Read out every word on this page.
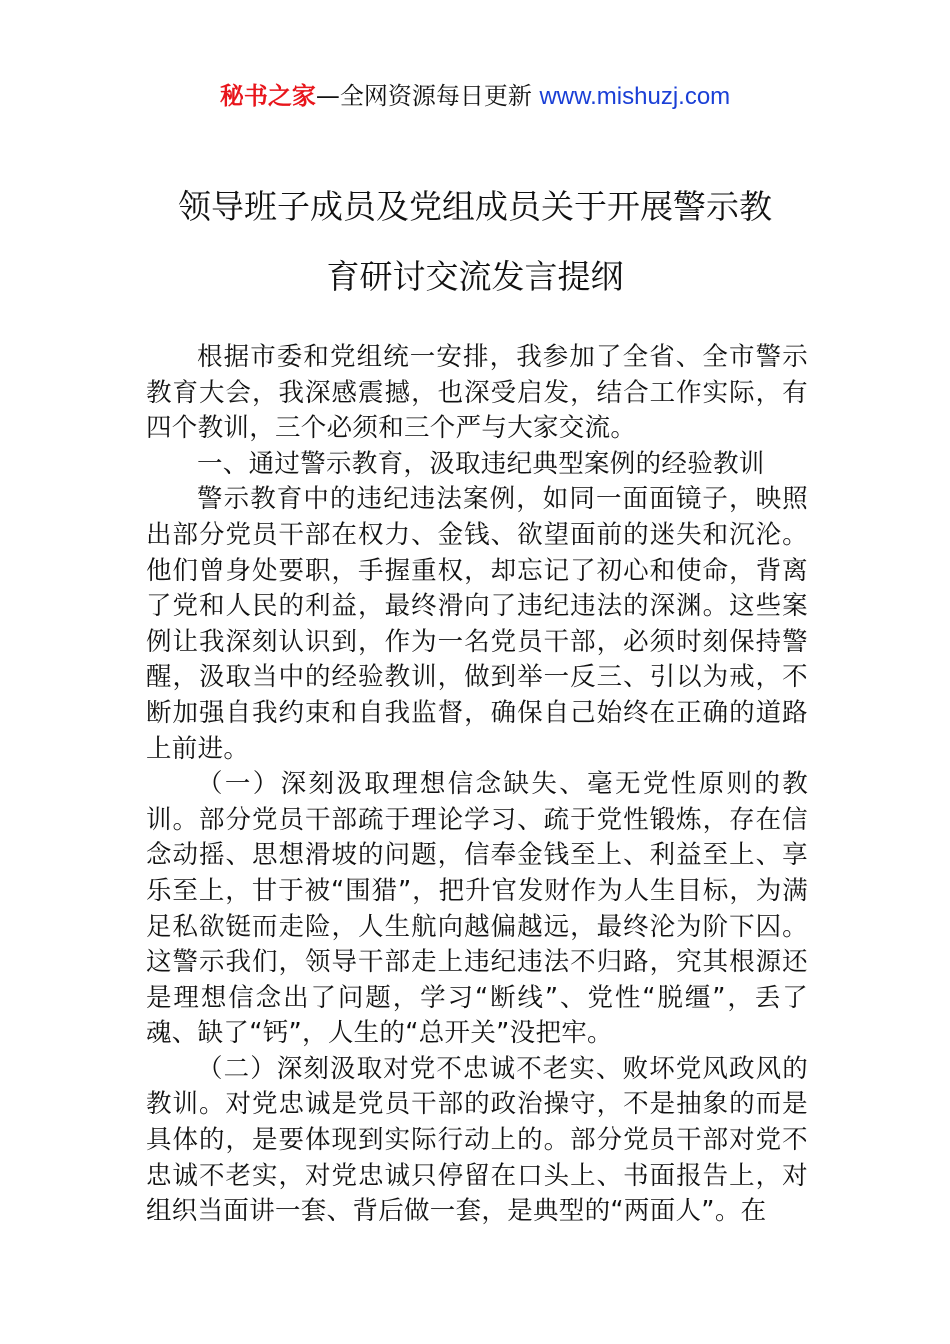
秘书之家—全网资源每日更新 www.mishuzj.com
领导班子成员及党组成员关于开展警示教
育研讨交流发言提纲

根据市委和党组统一安排，我参加了全省、全市警示教育大会，我深感震撼，也深受启发，结合工作实际，有四个教训，三个必须和三个严与大家交流。

一、通过警示教育，汲取违纪典型案例的经验教训

警示教育中的违纪违法案例，如同一面面镜子，映照出部分党员干部在权力、金钱、欲望面前的迷失和沉沦。他们曾身处要职，手握重权，却忘记了初心和使命，背离了党和人民的利益，最终滑向了违纪违法的深渊。这些案例让我深刻认识到，作为一名党员干部，必须时刻保持警醒，汲取当中的经验教训，做到举一反三、引以为戒，不断加强自我约束和自我监督，确保自己始终在正确的道路上前进。

（一）深刻汲取理想信念缺失、毫无党性原则的教训。部分党员干部疏于理论学习、疏于党性锻炼，存在信念动摇、思想滑坡的问题，信奉金钱至上、利益至上、享乐至上，甘于被“围猎”，把升官发财作为人生目标，为满足私欲铤而走险，人生航向越偏越远，最终沦为阶下囚。这警示我们，领导干部走上违纪违法不归路，究其根源还是理想信念出了问题，学习“断线”、党性“脱缰”，丢了魂、缺了“钙”，人生的“总开关”没把牢。

（二）深刻汲取对党不忠诚不老实、败坏党风政风的教训。对党忠诚是党员干部的政治操守，不是抽象的而是具体的，是要体现到实际行动上的。部分党员干部对党不忠诚不老实，对党忠诚只停留在口头上、书面报告上，对组织当面讲一套、背后做一套，是典型的“两面人”。在
